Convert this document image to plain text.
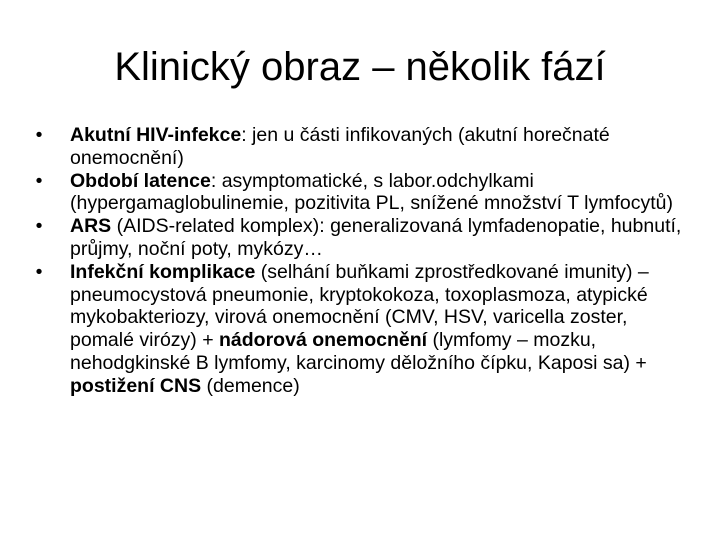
Klinický obraz – několik fází
• Akutní HIV-infekce: jen u části infikovaných (akutní horečnaté onemocnění)
• Období latence: asymptomatické, s labor.odchylkami (hypergamaglobulinemie, pozitivita PL, snížené množství T lymfocytů)
• ARS (AIDS-related komplex): generalizovaná lymfadenopatie, hubnutí, průjmy, noční poty, mykózy…
• Infekční komplikace (selhání buňkami zprostředkované imunity) – pneumocystová pneumonie, kryptokokoza, toxoplasmoza, atypické mykobakteriozy, virová onemocnění (CMV, HSV, varicella zoster, pomalé virózy) + nádorová onemocnění (lymfomy – mozku, nehodgkinské B lymfomy, karcinomy děložního čípku, Kaposi sa) + postižení CNS (demence)
